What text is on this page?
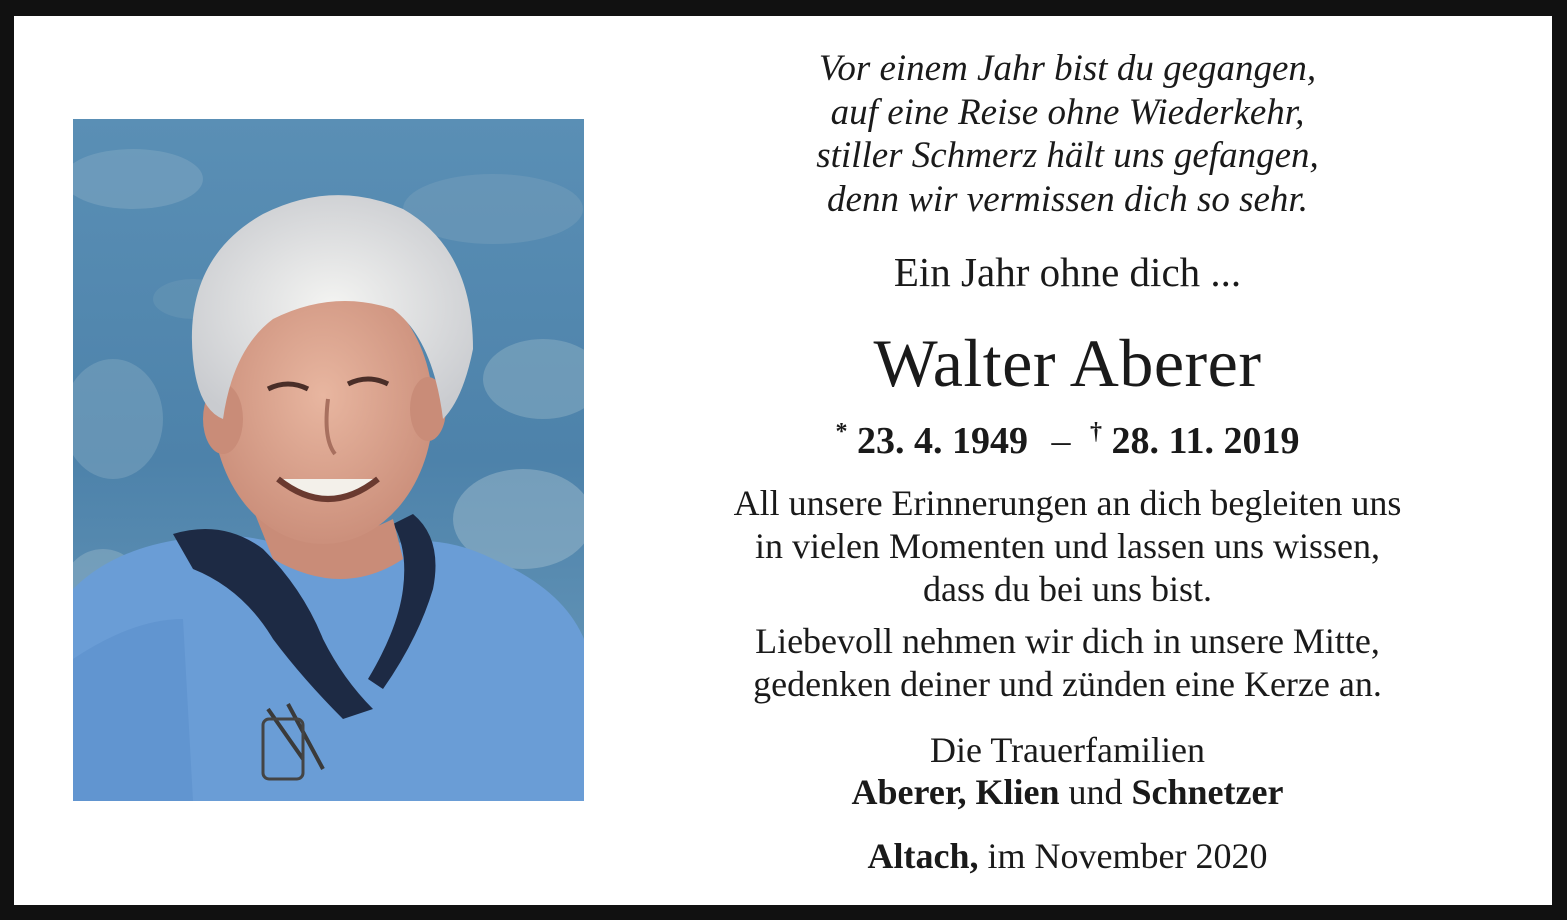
Vor einem Jahr bist du gegangen,
auf eine Reise ohne Wiederkehr,
stiller Schmerz hält uns gefangen,
denn wir vermissen dich so sehr.
Ein Jahr ohne dich ...
Walter Aberer
* 23. 4. 1949 – † 28. 11. 2019
All unsere Erinnerungen an dich begleiten uns
in vielen Momenten und lassen uns wissen,
dass du bei uns bist.
Liebevoll nehmen wir dich in unsere Mitte,
gedenken deiner und zünden eine Kerze an.
Die Trauerfamilien
Aberer, Klien und Schnetzer
Altach, im November 2020
